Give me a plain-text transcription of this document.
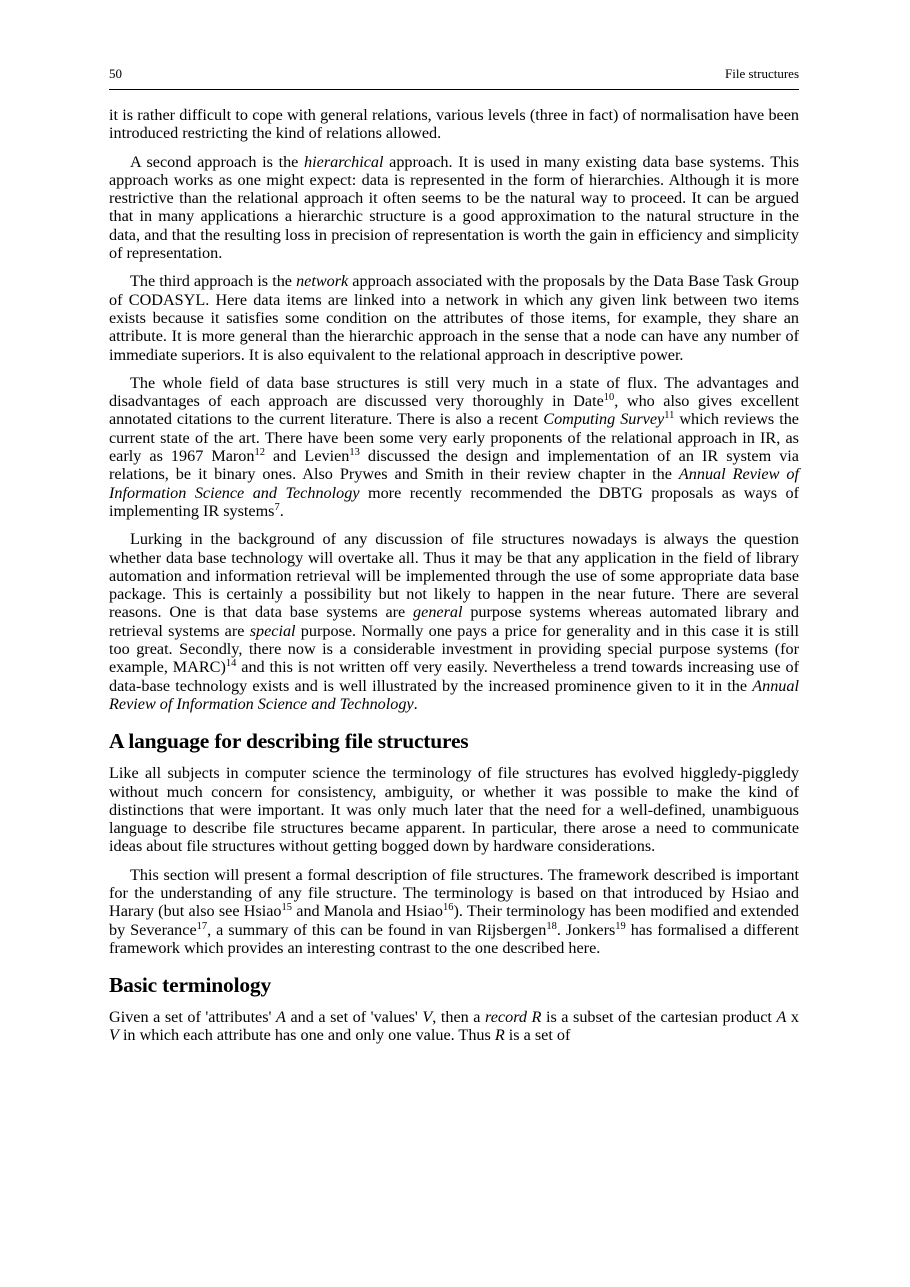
50	File structures

it is rather difficult to cope with general relations, various levels (three in fact) of normalisation have been introduced restricting the kind of relations allowed.

A second approach is the hierarchical approach. It is used in many existing data base systems. This approach works as one might expect: data is represented in the form of hierarchies. Although it is more restrictive than the relational approach it often seems to be the natural way to proceed. It can be argued that in many applications a hierarchic structure is a good approximation to the natural structure in the data, and that the resulting loss in precision of representation is worth the gain in efficiency and simplicity of representation.

The third approach is the network approach associated with the proposals by the Data Base Task Group of CODASYL. Here data items are linked into a network in which any given link between two items exists because it satisfies some condition on the attributes of those items, for example, they share an attribute. It is more general than the hierarchic approach in the sense that a node can have any number of immediate superiors. It is also equivalent to the relational approach in descriptive power.

The whole field of data base structures is still very much in a state of flux. The advantages and disadvantages of each approach are discussed very thoroughly in Date$^{10}$, who also gives excellent annotated citations to the current literature. There is also a recent Computing Survey$^{11}$ which reviews the current state of the art. There have been some very early proponents of the relational approach in IR, as early as 1967 Maron$^{12}$ and Levien$^{13}$ discussed the design and implementation of an IR system via relations, be it binary ones. Also Prywes and Smith in their review chapter in the Annual Review of Information Science and Technology more recently recommended the DBTG proposals as ways of implementing IR systems$^7$.

Lurking in the background of any discussion of file structures nowadays is always the question whether data base technology will overtake all. Thus it may be that any application in the field of library automation and information retrieval will be implemented through the use of some appropriate data base package. This is certainly a possibility but not likely to happen in the near future. There are several reasons. One is that data base systems are general purpose systems whereas automated library and retrieval systems are special purpose. Normally one pays a price for generality and in this case it is still too great. Secondly, there now is a considerable investment in providing special purpose systems (for example, MARC)$^{14}$ and this is not written off very easily. Nevertheless a trend towards increasing use of data-base technology exists and is well illustrated by the increased prominence given to it in the Annual Review of Information Science and Technology.

A language for describing file structures

Like all subjects in computer science the terminology of file structures has evolved higgledy-piggledy without much concern for consistency, ambiguity, or whether it was possible to make the kind of distinctions that were important. It was only much later that the need for a well-defined, unambiguous language to describe file structures became apparent. In particular, there arose a need to communicate ideas about file structures without getting bogged down by hardware considerations.

This section will present a formal description of file structures. The framework described is important for the understanding of any file structure. The terminology is based on that introduced by Hsiao and Harary (but also see Hsiao$^{15}$ and Manola and Hsiao$^{16}$). Their terminology has been modified and extended by Severance$^{17}$, a summary of this can be found in van Rijsbergen$^{18}$. Jonkers$^{19}$ has formalised a different framework which provides an interesting contrast to the one described here.

Basic terminology

Given a set of 'attributes' A and a set of 'values' V, then a record R is a subset of the cartesian product A x V in which each attribute has one and only one value. Thus R is a set of
